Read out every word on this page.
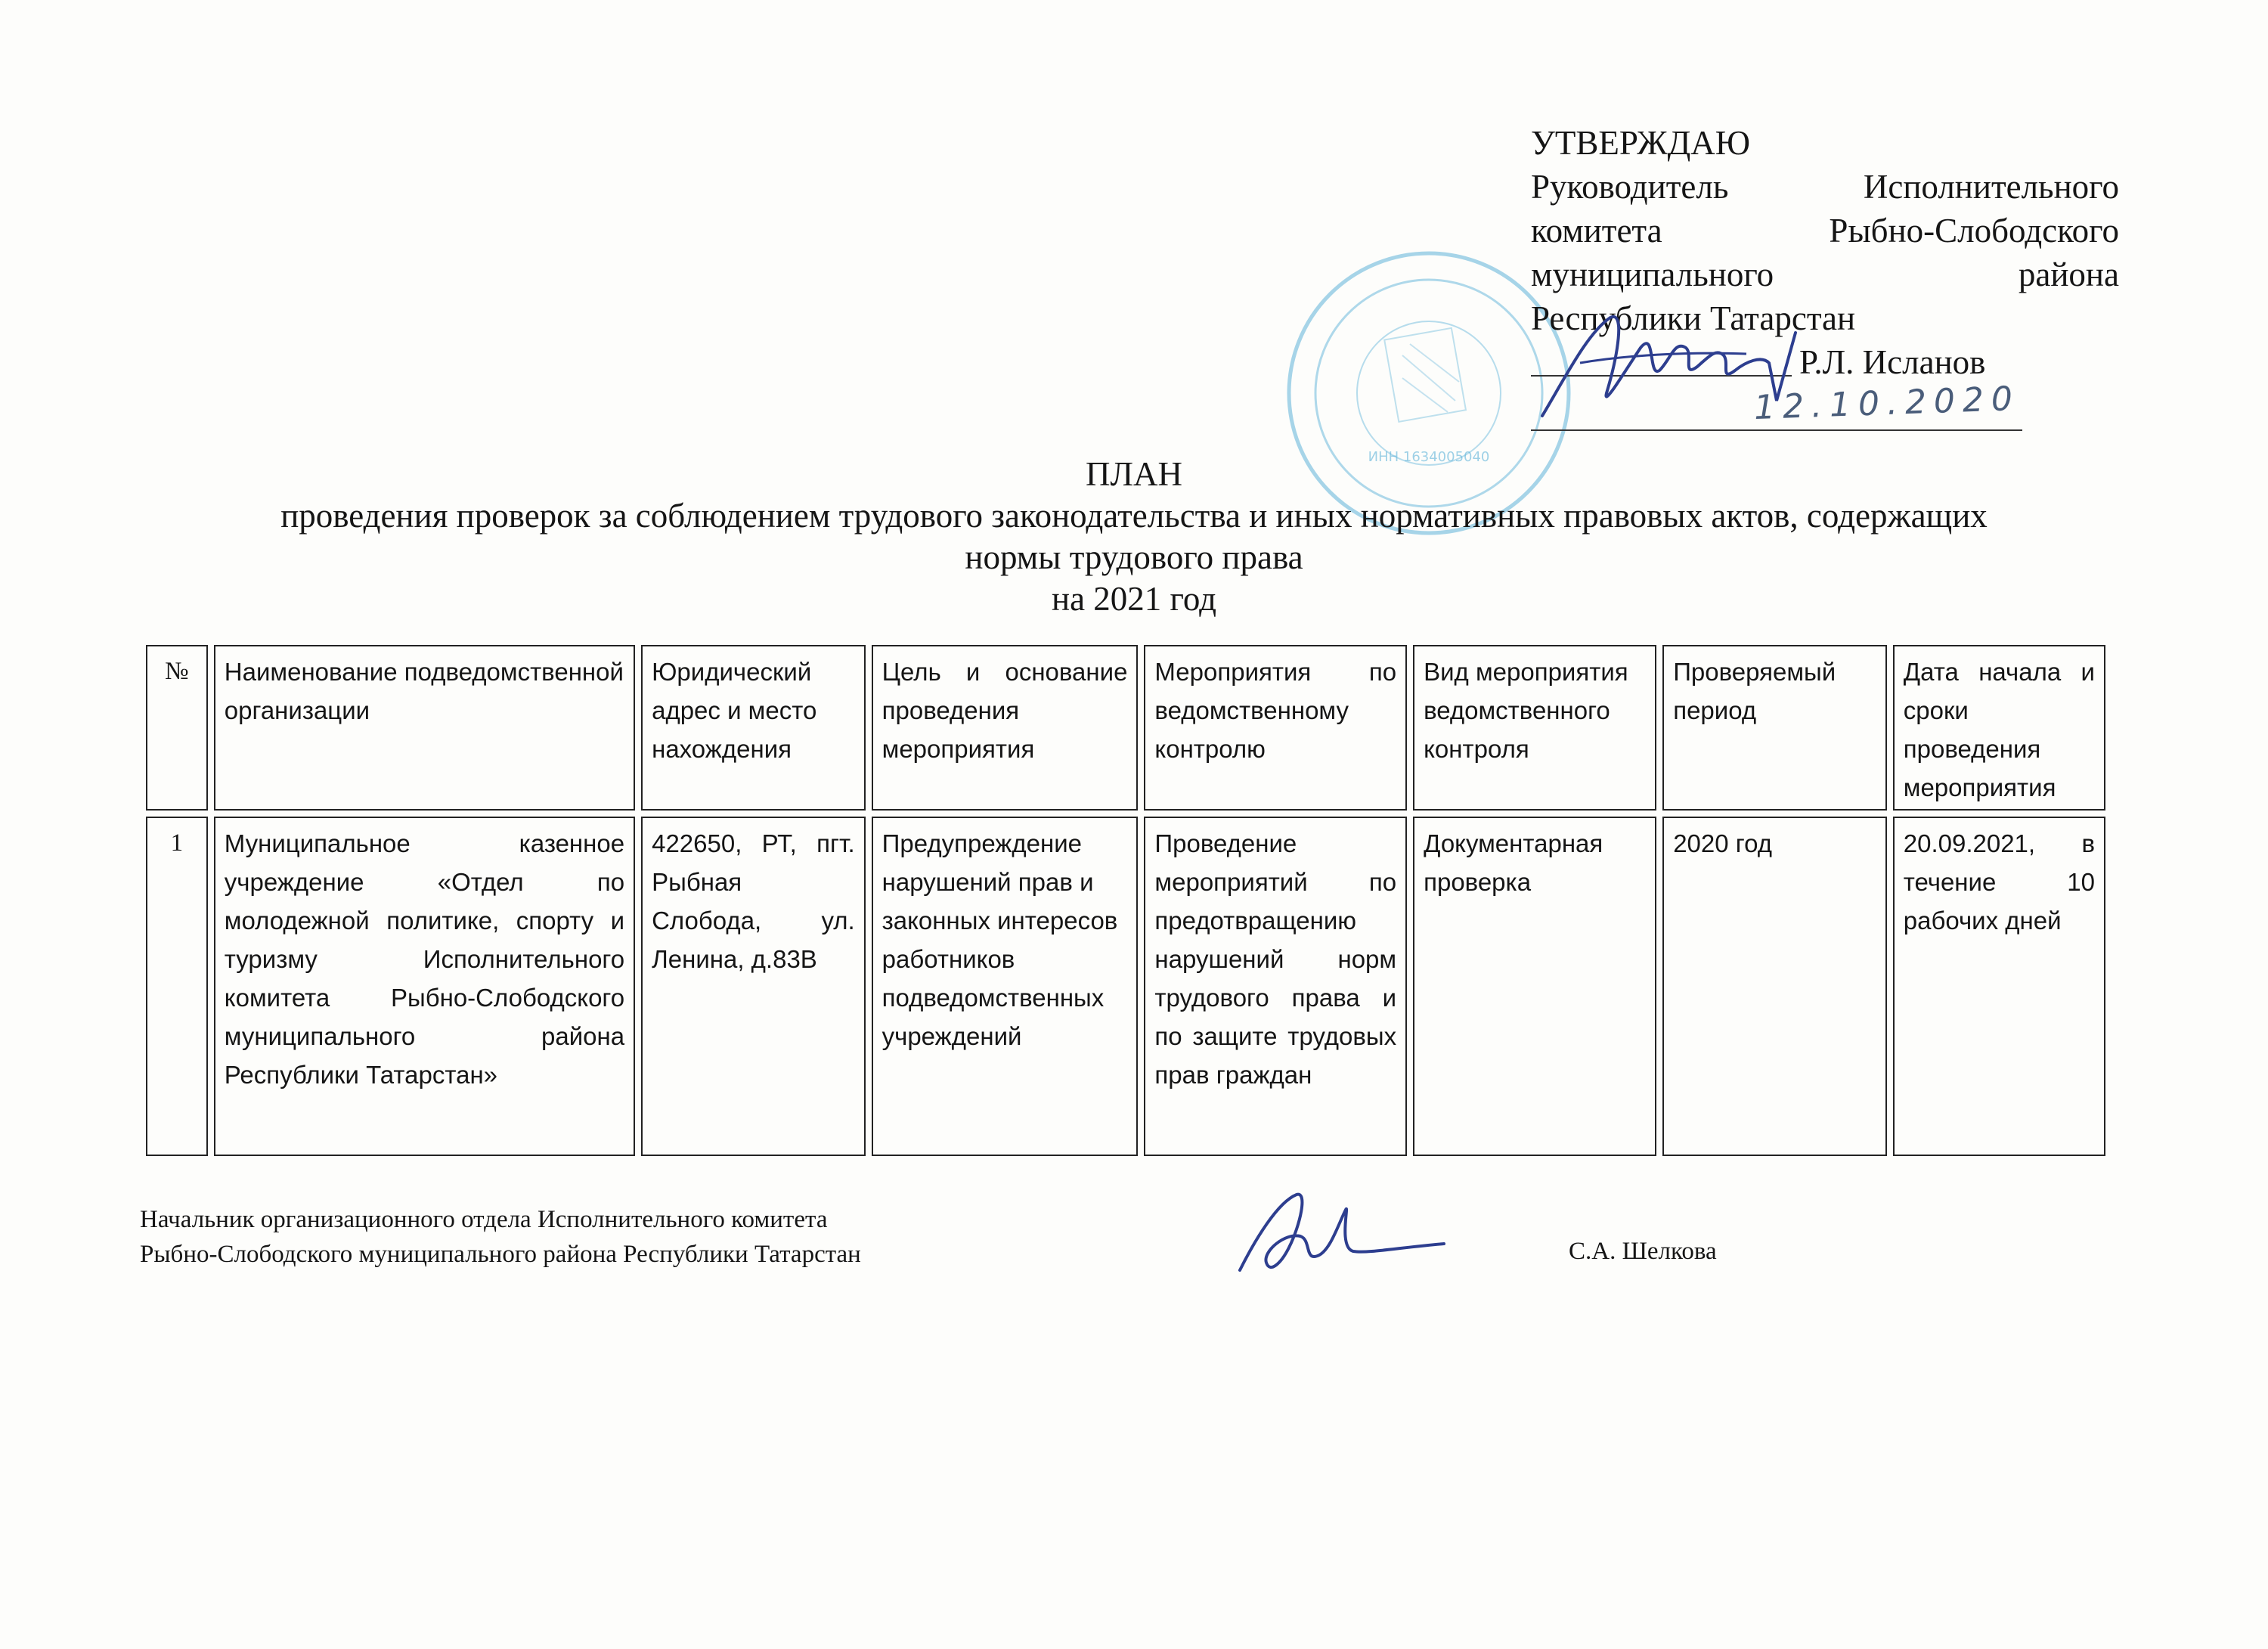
ИНН 1634005040
УТВЕРЖДАЮ
Руководитель	Исполнительного
комитета	Рыбно-Слободского
муниципального	района
Республики Татарстан
Р.Л. Исланов
12.10.2020
ПЛАН
проведения проверок за соблюдением трудового законодательства и иных нормативных правовых актов, содержащих
нормы трудового права
на 2021 год
№	Наименование подведомственной организации	Юридический адрес и место нахождения	Цель и основание проведения мероприятия	Мероприятия по ведомственному контролю	Вид мероприятия ведомственного контроля	Проверяемый период	Дата начала и сроки проведения мероприятия
1	Муниципальное казенное учреждение «Отдел по молодежной политике, спорту и туризму Исполнительного комитета Рыбно-Слободского муниципального района Республики Татарстан»	422650, РТ, пгт. Рыбная Слобода, ул. Ленина, д.83В	Предупреждение нарушений прав и законных интересов работников подведомственных учреждений	Проведение мероприятий по предотвращению нарушений норм трудового права и по защите трудовых прав граждан	Документарная проверка	2020 год	20.09.2021, в течение 10 рабочих дней
Начальник организационного отдела Исполнительного комитета
Рыбно-Слободского муниципального района Республики Татарстан	С.А. Шелкова
